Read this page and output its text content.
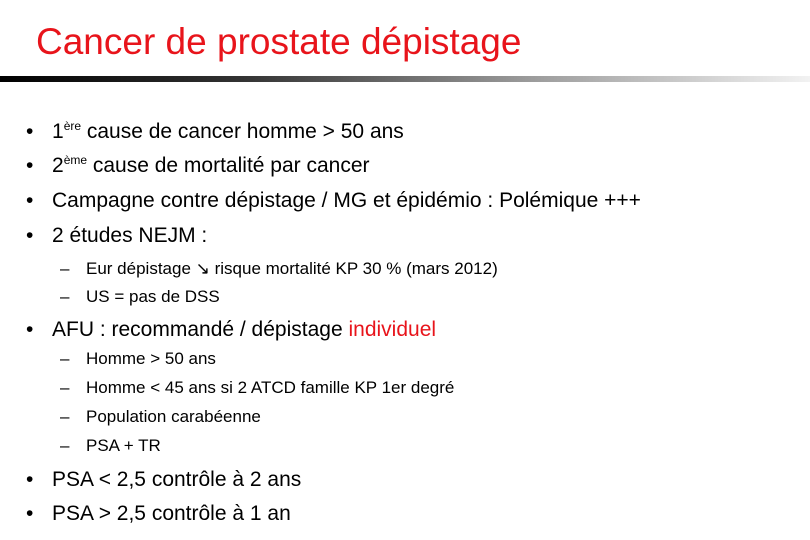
Cancer de prostate dépistage
• 1ère cause de cancer homme > 50 ans
• 2ème cause de mortalité par cancer
• Campagne contre dépistage / MG et épidémio : Polémique +++
• 2 études NEJM :
– Eur dépistage ↘ risque mortalité KP 30 % (mars 2012)
– US = pas de DSS
• AFU : recommandé / dépistage individuel
– Homme > 50 ans
– Homme < 45 ans si 2 ATCD famille KP 1er degré
– Population carabéenne
– PSA + TR
• PSA < 2,5 contrôle à 2 ans
• PSA > 2,5 contrôle à 1 an
